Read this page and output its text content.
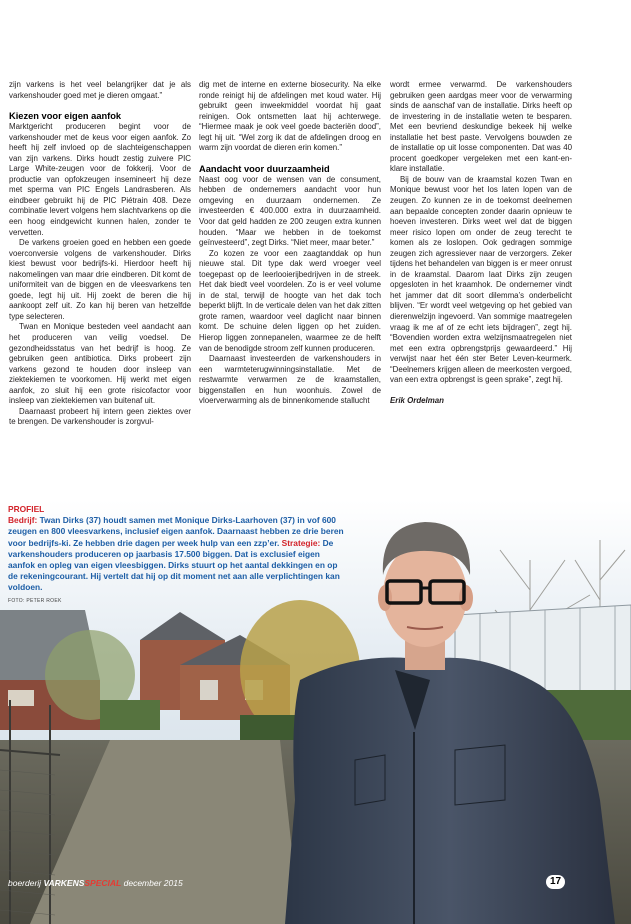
zijn varkens is het veel belangrijker dat je als varkenshouder goed met je dieren omgaat.”

Kiezen voor eigen aanfok

Marktgericht produceren begint voor de varkenshouder met de keus voor eigen aanfok. Zo heeft hij zelf invloed op de slachteigenschappen van zijn varkens. Dirks houdt zestig zuivere PIC Large White-zeugen voor de fokkerij. Voor de productie van opfokzeugen insemineert hij deze met sperma van PIC Engels Landrasberen. Als eindbeer gebruikt hij de PIC Piétrain 408. Deze combinatie levert volgens hem slachtvarkens op die een hoog eindgewicht kunnen halen, zonder te vervetten.

De varkens groeien goed en hebben een goede voerconversie volgens de varkenshouder. Dirks kiest bewust voor bedrijfs-ki. Hierdoor heeft hij nakomelingen van maar drie eindberen. Dit komt de uniformiteit van de biggen en de vleesvarkens ten goede, legt hij uit. Hij zoekt de beren die hij aankoopt zelf uit. Zo kan hij beren van hetzelfde type selecteren.

Twan en Monique besteden veel aandacht aan het produceren van veilig voedsel. De gezondheidsstatus van het bedrijf is hoog. Ze gebruiken geen antibiotica. Dirks probeert zijn varkens gezond te houden door insleep van ziektekiemen te voorkomen. Hij werkt met eigen aanfok, zo sluit hij een grote risicofactor voor insleep van ziektekiemen van buitenaf uit.

Daarnaast probeert hij intern geen ziektes over te brengen. De varkenshouder is zorgvul-

dig met de interne en externe biosecurity. Na elke ronde reinigt hij de afdelingen met koud water. Hij gebruikt geen inweekmiddel voordat hij gaat reinigen. Ook ontsmetten laat hij achterwege. “Hiermee maak je ook veel goede bacteriën dood”, legt hij uit. “Wel zorg ik dat de afdelingen droog en warm zijn voordat de dieren erin komen.”

Aandacht voor duurzaamheid

Naast oog voor de wensen van de consument, hebben de ondernemers aandacht voor hun omgeving en duurzaam ondernemen. Ze investeerden € 400.000 extra in duurzaamheid. Voor dat geld hadden ze 200 zeugen extra kunnen houden. “Maar we hebben in de toekomst geïnvesteerd”, zegt Dirks. “Niet meer, maar beter.”

Zo kozen ze voor een zaagtanddak op hun nieuwe stal. Dit type dak werd vroeger veel toegepast op de leerlooierijbedrijven in de streek. Het dak biedt veel voordelen. Zo is er veel volume in de stal, terwijl de hoogte van het dak toch beperkt blijft. In de verticale delen van het dak zitten grote ramen, waardoor veel daglicht naar binnen komt. De schuine delen liggen op het zuiden. Hierop liggen zonnepanelen, waarmee ze de helft van de benodigde stroom zelf kunnen produceren.

Daarnaast investeerden de varkenshouders in een warmteterugwinningsinstallatie. Met de restwarmte verwarmen ze de kraamstallen, biggenstallen en hun woonhuis. Zowel de vloerverwarming als de binnenkomende stallucht

wordt ermee verwarmd. De varkenshouders gebruiken geen aardgas meer voor de verwarming sinds de aanschaf van de installatie. Dirks heeft op de investering in de installatie weten te besparen. Met een bevriend deskundige bekeek hij welke installatie het best paste. Vervolgens bouwden ze de installatie op uit losse componenten. Dat was 40 procent goedkoper vergeleken met een kant-en-klare installatie.

Bij de bouw van de kraamstal kozen Twan en Monique bewust voor het los laten lopen van de zeugen. Zo kunnen ze in de toekomst deelnemen aan bepaalde concepten zonder daarin opnieuw te hoeven investeren. Dirks weet wel dat de biggen meer risico lopen om onder de zeug terecht te komen als ze loslopen. Ook gedragen sommige zeugen zich agressiever naar de verzorgers. Zeker tijdens het behandelen van biggen is er meer onrust in de kraamstal. Daarom laat Dirks zijn zeugen opgesloten in het kraamhok. De ondernemer vindt het jammer dat dit soort dilemma’s onderbelicht blijven. “Er wordt veel wetgeving op het gebied van dierenwelzijn ingevoerd. Van sommige maatregelen vraag ik me af of ze echt iets bijdragen”, zegt hij. “Bovendien worden extra welzijnsmaatregelen niet met een extra opbrengstprijs gewaardeerd.” Hij verwijst naar het één ster Beter Leven-keurmerk. “Deelnemers krijgen alleen de meerkosten vergoed, van een extra opbrengst is geen sprake”, zegt hij.

Erik Ordelman

PROFIEL
Bedrijf: Twan Dirks (37) houdt samen met Monique Dirks-Laarhoven (37) in vof 600 zeugen en 800 vleesvarkens, inclusief eigen aanfok. Daarnaast hebben ze drie beren voor bedrijfs-ki. Ze hebben drie dagen per week hulp van een zzp’er. Strategie: De varkenshouders produceren op jaarbasis 17.500 biggen. Dat is exclusief eigen aanfok en opleg van eigen vleesbiggen. Dirks stuurt op het aantal dekkingen en op de rekeningcourant. Hij vertelt dat hij op dit moment net aan alle verplichtingen kan voldoen.
FOTO: PETER ROEK
boerderij VARKENSSPECIAL december 2015	17
